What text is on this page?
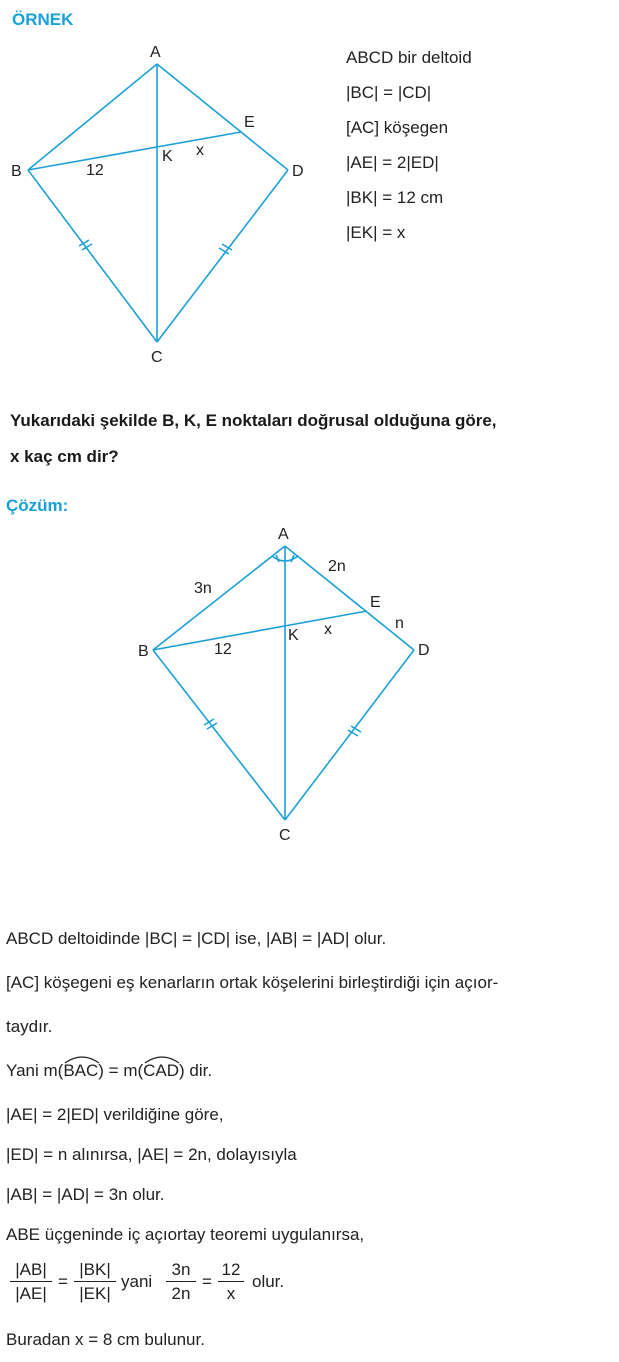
ÖRNEK
A
B
C
D
E
K x
12
ABCD bir deltoid
|BC| = |CD|
[AC] köşegen
|AE| = 2|ED|
|BK| = 12 cm
|EK| = x
Yukarıdaki şekilde B, K, E noktaları doğrusal olduğuna göre,
x kaç cm dir?
Çözüm:
A
B
C
D
E
K x
12
3n
2n
n
ABCD deltoidinde |BC| = |CD| ise, |AB| = |AD| olur.
[AC] köşegeni eş kenarların ortak köşelerini birleştirdiği için açıor-
taydır.
Yani m(
BAC) = m(
CAD) dir.
|AE| = 2|ED| verildiğine göre,
|ED| = n alınırsa, |AE| = 2n, dolayısıyla
|AB| = |AD| = 3n olur.
ABE üçgeninde iç açıortay teoremi uygulanırsa,
$\frac{|AB|}{|AE|} = \frac{|BK|}{|EK|}$ yani $\frac{3n}{2n} = \frac{12}{x}$ olur.
Buradan x = 8 cm bulunur.
